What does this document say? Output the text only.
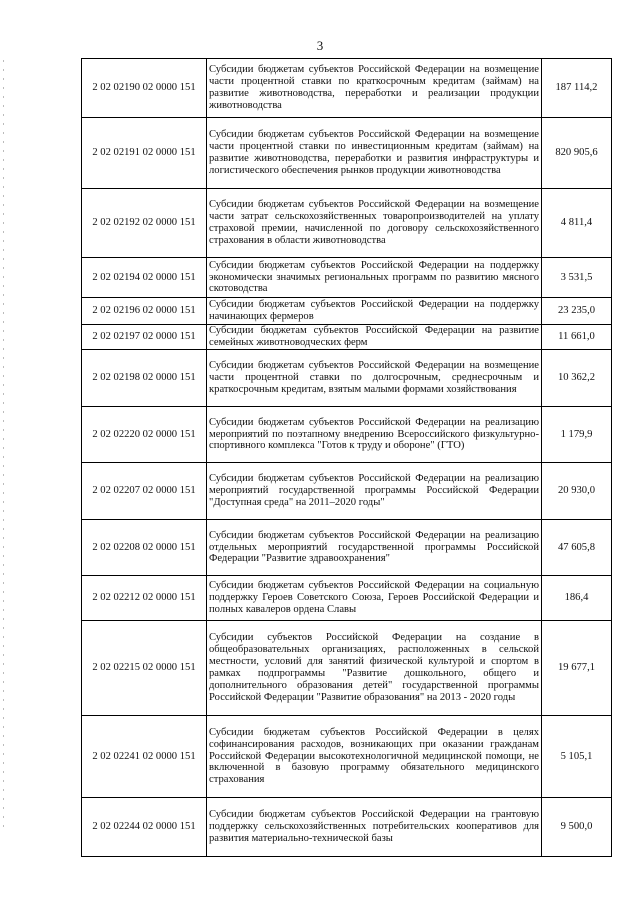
3
2 02 02190 02 0000 151	Субсидии бюджетам субъектов Российской Федерации на возмещение части процентной ставки по краткосрочным кредитам (займам) на развитие животноводства, переработки и реализации продукции животноводства	187 114,2
2 02 02191 02 0000 151	Субсидии бюджетам субъектов Российской Федерации на возмещение части процентной ставки по инвестиционным кредитам (займам) на развитие животноводства, переработки и развития инфраструктуры и логистического обеспечения рынков продукции животноводства	820 905,6
2 02 02192 02 0000 151	Субсидии бюджетам субъектов Российской Федерации на возмещение части затрат сельскохозяйственных товаропроизводителей на уплату страховой премии, начисленной по договору сельскохозяйственного страхования в области животноводства	4 811,4
2 02 02194 02 0000 151	Субсидии бюджетам субъектов Российской Федерации на поддержку экономически значимых региональных программ по развитию мясного скотоводства	3 531,5
2 02 02196 02 0000 151	Субсидии бюджетам субъектов Российской Федерации на поддержку начинающих фермеров	23 235,0
2 02 02197 02 0000 151	Субсидии бюджетам субъектов Российской Федерации на развитие семейных животноводческих ферм	11 661,0
2 02 02198 02 0000 151	Субсидии бюджетам субъектов Российской Федерации на возмещение части процентной ставки по долгосрочным, среднесрочным и краткосрочным кредитам, взятым малыми формами хозяйствования	10 362,2
2 02 02220 02 0000 151	Субсидии бюджетам субъектов Российской Федерации на реализацию мероприятий по поэтапному внедрению Всероссийского физкультурно-спортивного комплекса "Готов к труду и обороне" (ГТО)	1 179,9
2 02 02207 02 0000 151	Субсидии бюджетам субъектов Российской Федерации на реализацию мероприятий государственной программы Российской Федерации "Доступная среда" на 2011–2020 годы"	20 930,0
2 02 02208 02 0000 151	Субсидии бюджетам субъектов Российской Федерации на реализацию отдельных мероприятий государственной программы Российской Федерации "Развитие здравоохранения"	47 605,8
2 02 02212 02 0000 151	Субсидии бюджетам субъектов Российской Федерации на социальную поддержку Героев Советского Союза, Героев Российской Федерации и полных кавалеров ордена Славы	186,4
2 02 02215 02 0000 151	Субсидии субъектов Российской Федерации на создание в общеобразовательных организациях, расположенных в сельской местности, условий для занятий физической культурой и спортом в рамках подпрограммы "Развитие дошкольного, общего и дополнительного образования детей" государственной программы Российской Федерации "Развитие образования" на 2013 - 2020 годы	19 677,1
2 02 02241 02 0000 151	Субсидии бюджетам субъектов Российской Федерации в целях софинансирования расходов, возникающих при оказании гражданам Российской Федерации высокотехнологичной медицинской помощи, не включенной в базовую программу обязательного медицинского страхования	5 105,1
2 02 02244 02 0000 151	Субсидии бюджетам субъектов Российской Федерации на грантовую поддержку сельскохозяйственных потребительских кооперативов для развития материально-технической базы	9 500,0
